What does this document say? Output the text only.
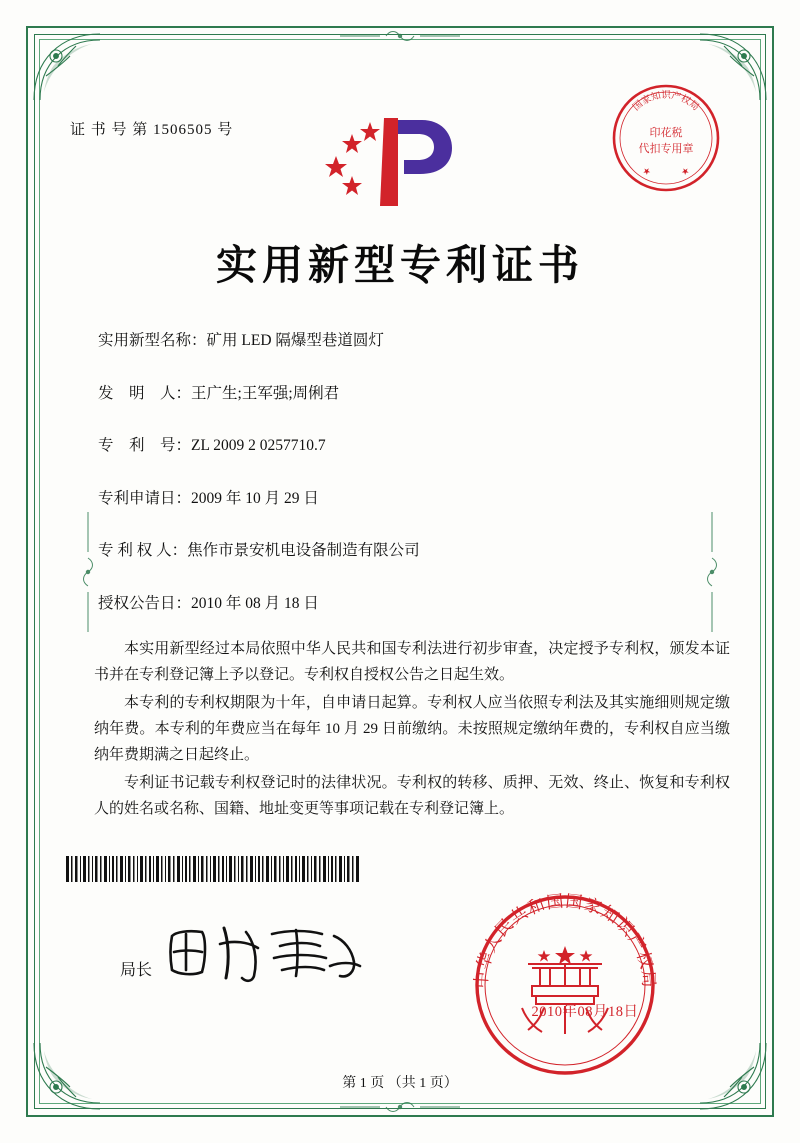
国家知识产权局
印花税
代扣专用章
★　　　　★
证 书 号 第 1506505 号
实用新型专利证书
实用新型名称：矿用 LED 隔爆型巷道圆灯
发　明　人：王广生;王军强;周俐君
专　利　号：ZL 2009 2 0257710.7
专利申请日：2009 年 10 月 29 日
专 利 权 人：焦作市景安机电设备制造有限公司
授权公告日：2010 年 08 月 18 日
本实用新型经过本局依照中华人民共和国专利法进行初步审查，决定授予专利权，颁发本证书并在专利登记簿上予以登记。专利权自授权公告之日起生效。
本专利的专利权期限为十年，自申请日起算。专利权人应当依照专利法及其实施细则规定缴纳年费。本专利的年费应当在每年 10 月 29 日前缴纳。未按照规定缴纳年费的，专利权自应当缴纳年费期满之日起终止。
专利证书记载专利权登记时的法律状况。专利权的转移、质押、无效、终止、恢复和专利权人的姓名或名称、国籍、地址变更等事项记载在专利登记簿上。
局长	中华人民共和国国家知识产权局
2010年08月18日
第 1 页 （共 1 页）
